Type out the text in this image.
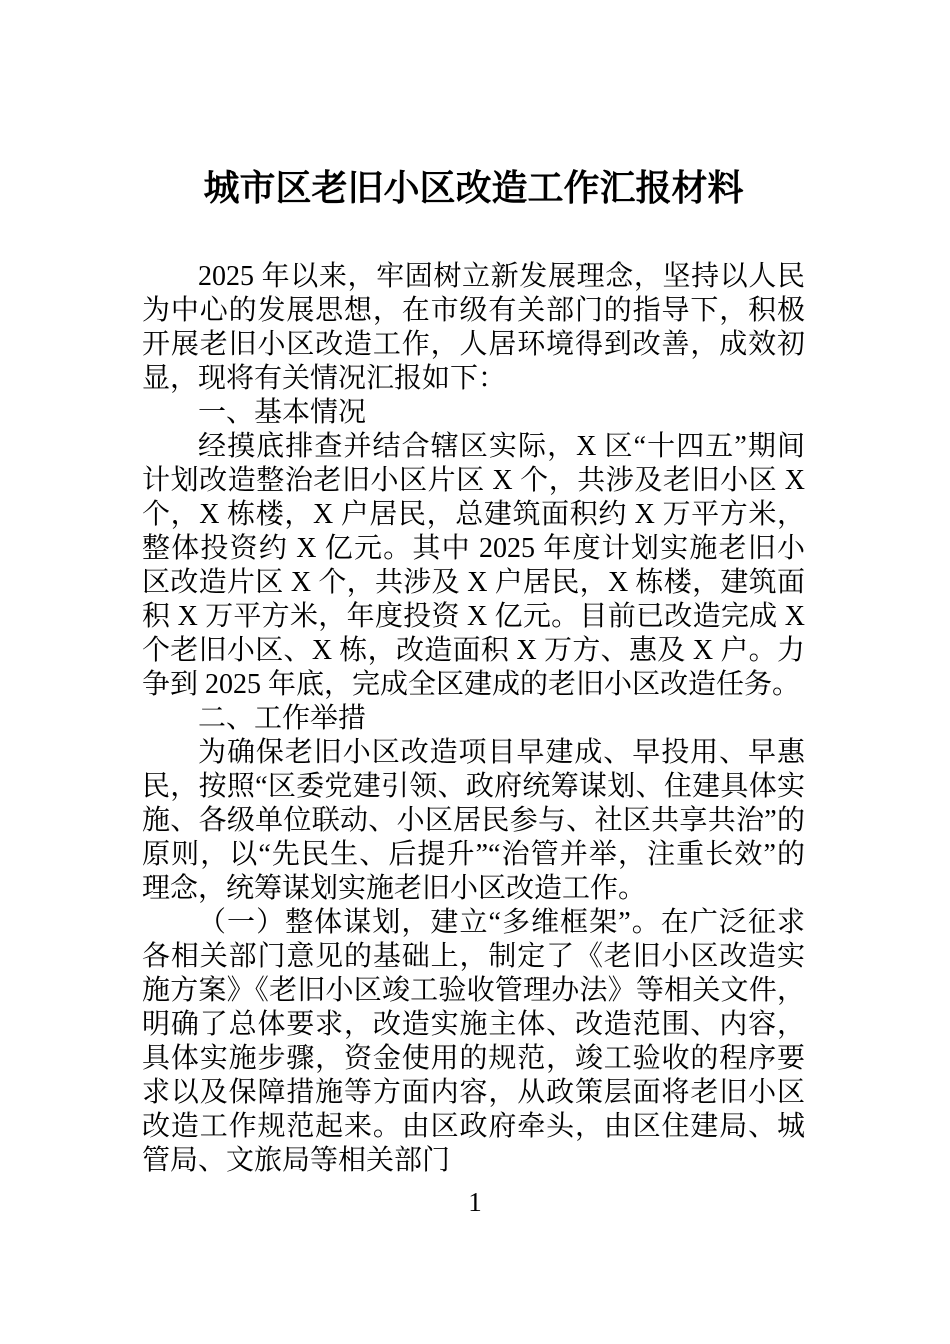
城市区老旧小区改造工作汇报材料

2025 年以来，牢固树立新发展理念，坚持以人民为中心的发展思想，在市级有关部门的指导下，积极开展老旧小区改造工作，人居环境得到改善，成效初显，现将有关情况汇报如下：

一、基本情况

经摸底排查并结合辖区实际，X 区“十四五”期间计划改造整治老旧小区片区 X 个，共涉及老旧小区 X 个，X 栋楼，X 户居民，总建筑面积约 X 万平方米，整体投资约 X 亿元。其中 2025 年度计划实施老旧小区改造片区 X 个，共涉及 X 户居民，X 栋楼，建筑面积 X 万平方米，年度投资 X 亿元。目前已改造完成 X 个老旧小区、X 栋，改造面积 X 万方、惠及 X 户。力争到 2025 年底，完成全区建成的老旧小区改造任务。

二、工作举措

为确保老旧小区改造项目早建成、早投用、早惠民，按照“区委党建引领、政府统筹谋划、住建具体实施、各级单位联动、小区居民参与、社区共享共治”的原则，以“先民生、后提升”“治管并举，注重长效”的理念，统筹谋划实施老旧小区改造工作。

（一）整体谋划，建立“多维框架”。在广泛征求各相关部门意见的基础上，制定了《老旧小区改造实施方案》《老旧小区竣工验收管理办法》等相关文件，明确了总体要求，改造实施主体、改造范围、内容，具体实施步骤，资金使用的规范，竣工验收的程序要求以及保障措施等方面内容，从政策层面将老旧小区改造工作规范起来。由区政府牵头，由区住建局、城管局、文旅局等相关部门

1
